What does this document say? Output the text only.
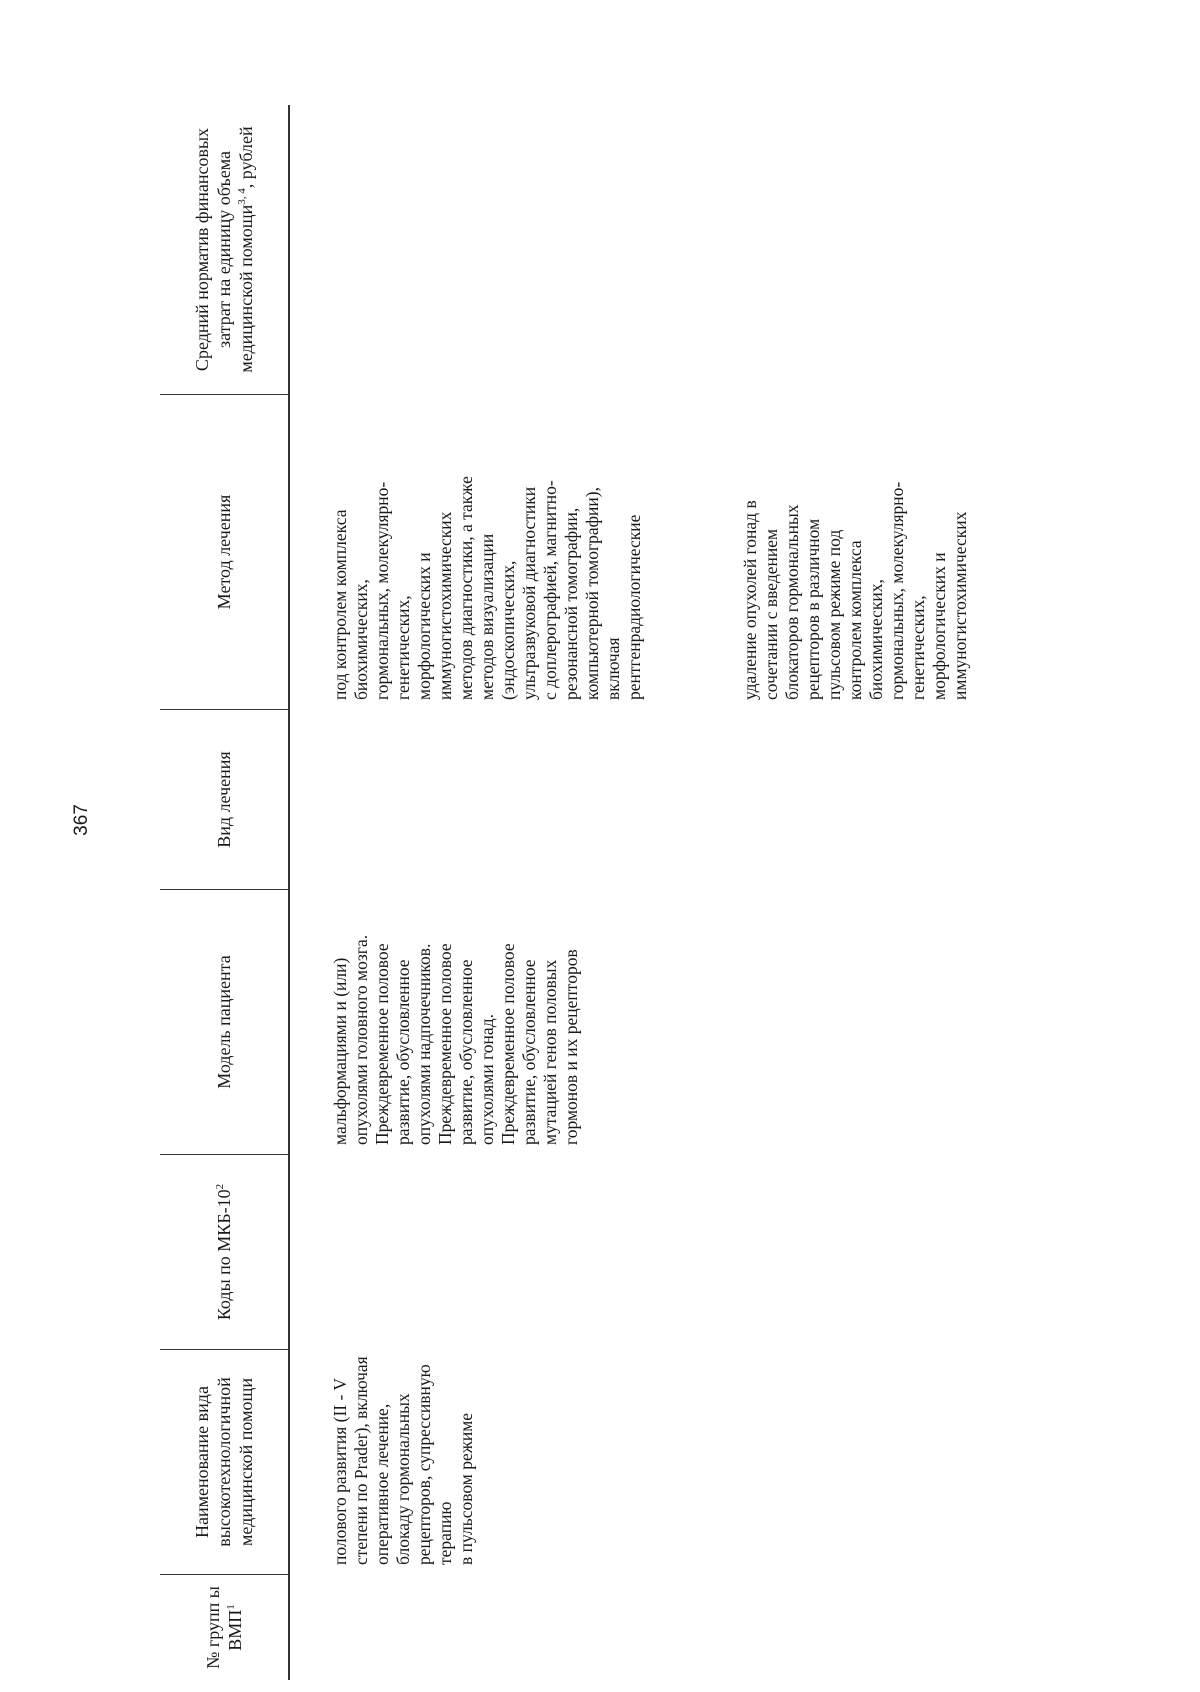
367
№ групп ы ВМП$^1$
Наименование вида высокотехнологичной медицинской помощи
Коды по МКБ-$10^2$
Модель пациента
Вид лечения
Метод лечения
Средний норматив финансовых затрат на единицу объема медицинской помощи$^{3, 4}$, рублей
полового развития (II - V
степени по Prader), включая
оперативное лечение,
блокаду гормональных
рецепторов, супрессивную
терапию
в пульсовом режиме
мальформациями и (или)
опухолями головного мозга.
Преждевременное половое
развитие, обусловленное
опухолями надпочечников.
Преждевременное половое
развитие, обусловленное
опухолями гонад.
Преждевременное половое
развитие, обусловленное
мутацией генов половых
гормонов и их рецепторов
под контролем комплекса
биохимических,
гормональных, молекулярно-
генетических,
морфологических и
иммуногистохимических
методов диагностики, а также
методов визуализации
(эндоскопических,
ультразвуковой диагностики
с доплерографией, магнитно-
резонансной томографии,
компьютерной томографии),
включая
рентгенрадиологические	удаление опухолей гонад в
сочетании с введением
блокаторов гормональных
рецепторов в различном
пульсовом режиме под
контролем комплекса
биохимических,
гормональных, молекулярно-
генетических,
морфологических и
иммуногистохимических
